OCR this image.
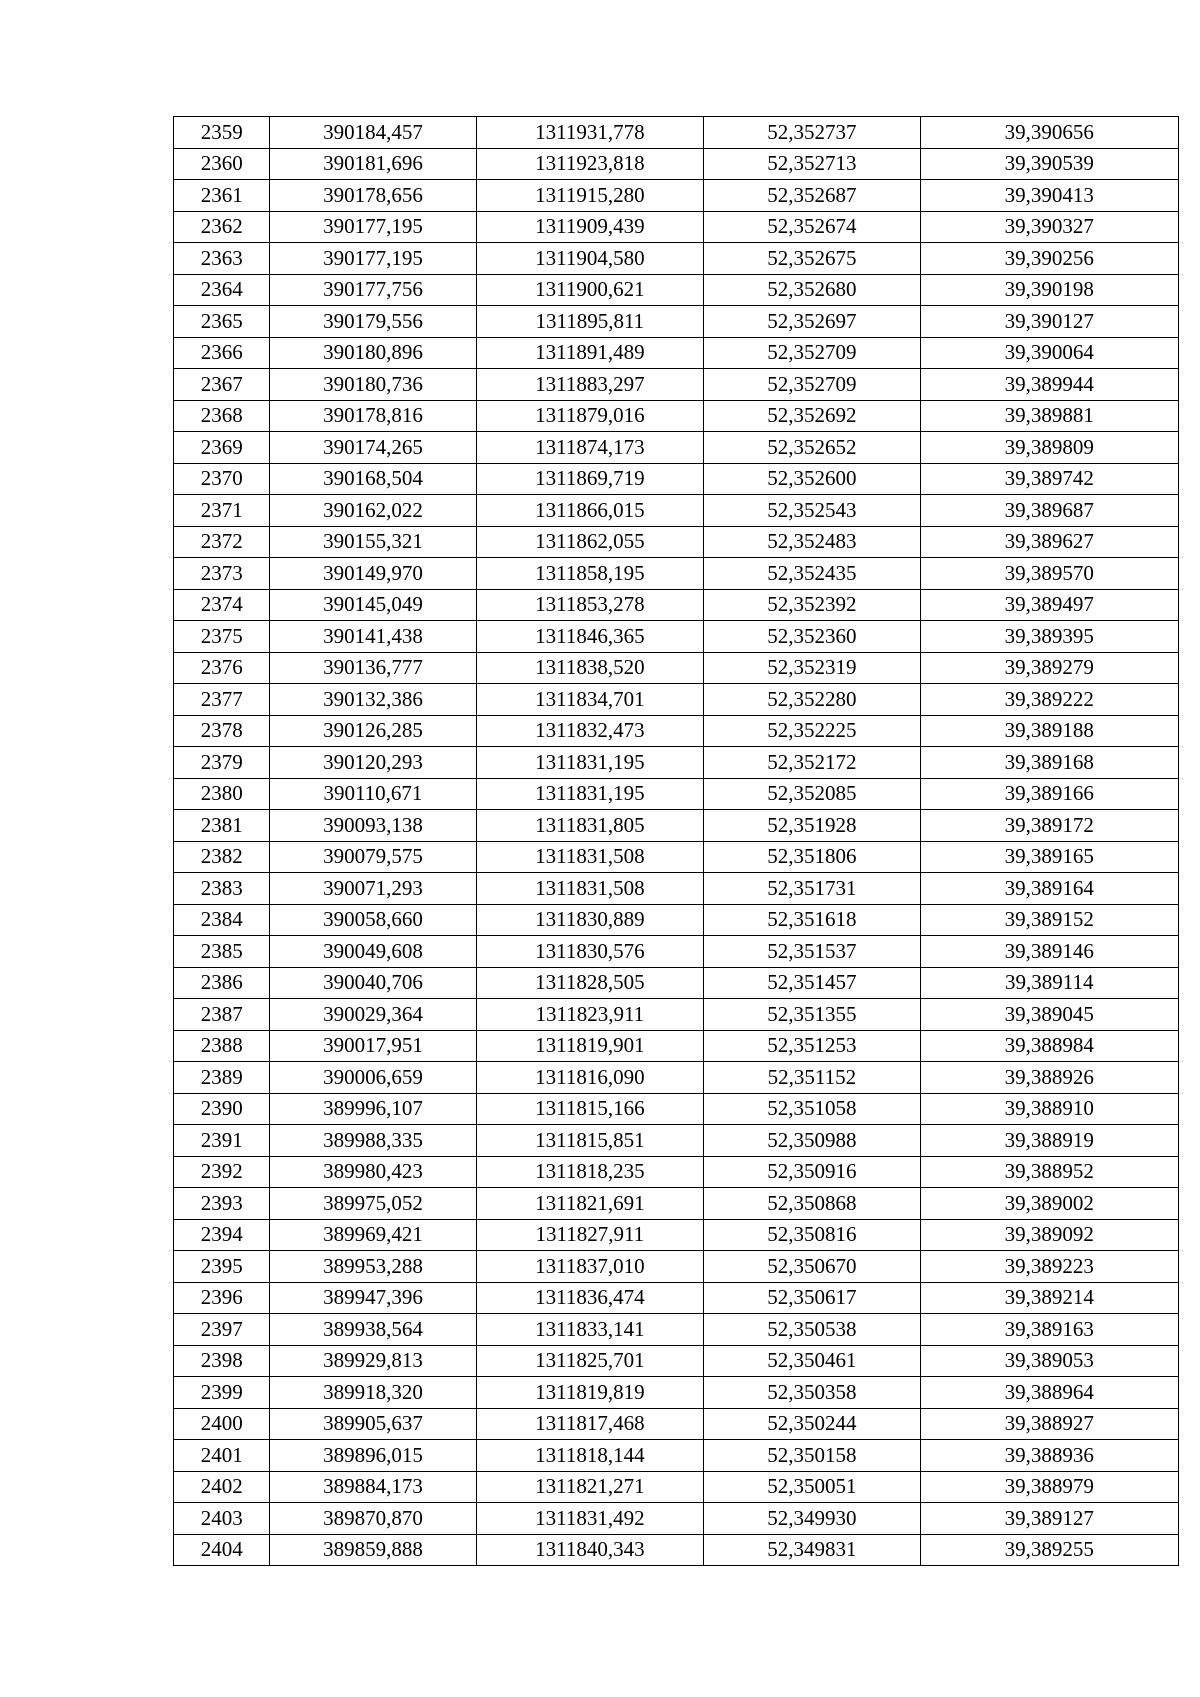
2359	390184,457	1311931,778	52,352737	39,390656
2360	390181,696	1311923,818	52,352713	39,390539
2361	390178,656	1311915,280	52,352687	39,390413
2362	390177,195	1311909,439	52,352674	39,390327
2363	390177,195	1311904,580	52,352675	39,390256
2364	390177,756	1311900,621	52,352680	39,390198
2365	390179,556	1311895,811	52,352697	39,390127
2366	390180,896	1311891,489	52,352709	39,390064
2367	390180,736	1311883,297	52,352709	39,389944
2368	390178,816	1311879,016	52,352692	39,389881
2369	390174,265	1311874,173	52,352652	39,389809
2370	390168,504	1311869,719	52,352600	39,389742
2371	390162,022	1311866,015	52,352543	39,389687
2372	390155,321	1311862,055	52,352483	39,389627
2373	390149,970	1311858,195	52,352435	39,389570
2374	390145,049	1311853,278	52,352392	39,389497
2375	390141,438	1311846,365	52,352360	39,389395
2376	390136,777	1311838,520	52,352319	39,389279
2377	390132,386	1311834,701	52,352280	39,389222
2378	390126,285	1311832,473	52,352225	39,389188
2379	390120,293	1311831,195	52,352172	39,389168
2380	390110,671	1311831,195	52,352085	39,389166
2381	390093,138	1311831,805	52,351928	39,389172
2382	390079,575	1311831,508	52,351806	39,389165
2383	390071,293	1311831,508	52,351731	39,389164
2384	390058,660	1311830,889	52,351618	39,389152
2385	390049,608	1311830,576	52,351537	39,389146
2386	390040,706	1311828,505	52,351457	39,389114
2387	390029,364	1311823,911	52,351355	39,389045
2388	390017,951	1311819,901	52,351253	39,388984
2389	390006,659	1311816,090	52,351152	39,388926
2390	389996,107	1311815,166	52,351058	39,388910
2391	389988,335	1311815,851	52,350988	39,388919
2392	389980,423	1311818,235	52,350916	39,388952
2393	389975,052	1311821,691	52,350868	39,389002
2394	389969,421	1311827,911	52,350816	39,389092
2395	389953,288	1311837,010	52,350670	39,389223
2396	389947,396	1311836,474	52,350617	39,389214
2397	389938,564	1311833,141	52,350538	39,389163
2398	389929,813	1311825,701	52,350461	39,389053
2399	389918,320	1311819,819	52,350358	39,388964
2400	389905,637	1311817,468	52,350244	39,388927
2401	389896,015	1311818,144	52,350158	39,388936
2402	389884,173	1311821,271	52,350051	39,388979
2403	389870,870	1311831,492	52,349930	39,389127
2404	389859,888	1311840,343	52,349831	39,389255
